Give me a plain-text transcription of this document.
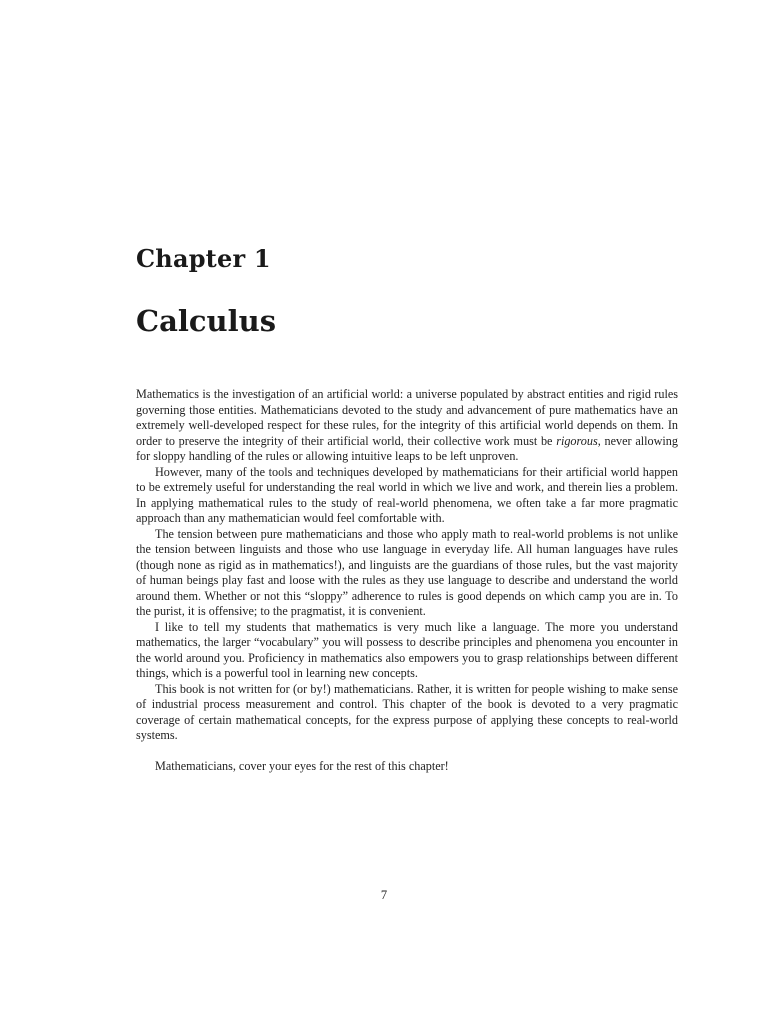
Chapter 1
Calculus

Mathematics is the investigation of an artificial world: a universe populated by abstract entities and rigid rules governing those entities. Mathematicians devoted to the study and advancement of pure mathematics have an extremely well-developed respect for these rules, for the integrity of this artificial world depends on them. In order to preserve the integrity of their artificial world, their collective work must be rigorous, never allowing for sloppy handling of the rules or allowing intuitive leaps to be left unproven.

However, many of the tools and techniques developed by mathematicians for their artificial world happen to be extremely useful for understanding the real world in which we live and work, and therein lies a problem. In applying mathematical rules to the study of real-world phenomena, we often take a far more pragmatic approach than any mathematician would feel comfortable with.

The tension between pure mathematicians and those who apply math to real-world problems is not unlike the tension between linguists and those who use language in everyday life. All human languages have rules (though none as rigid as in mathematics!), and linguists are the guardians of those rules, but the vast majority of human beings play fast and loose with the rules as they use language to describe and understand the world around them. Whether or not this “sloppy” adherence to rules is good depends on which camp you are in. To the purist, it is offensive; to the pragmatist, it is convenient.

I like to tell my students that mathematics is very much like a language. The more you understand mathematics, the larger “vocabulary” you will possess to describe principles and phenomena you encounter in the world around you. Proficiency in mathematics also empowers you to grasp relationships between different things, which is a powerful tool in learning new concepts.

This book is not written for (or by!) mathematicians. Rather, it is written for people wishing to make sense of industrial process measurement and control. This chapter of the book is devoted to a very pragmatic coverage of certain mathematical concepts, for the express purpose of applying these concepts to real-world systems.

Mathematicians, cover your eyes for the rest of this chapter!

7
